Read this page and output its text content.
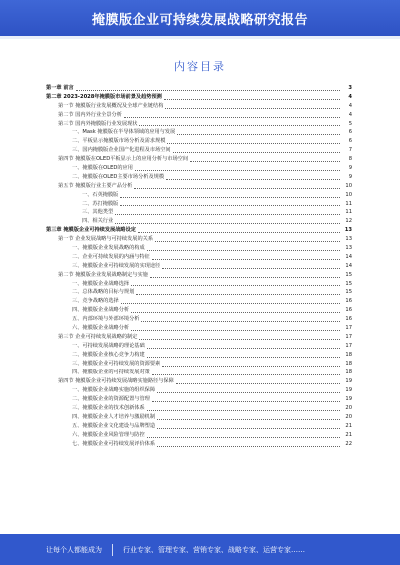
掩膜版企业可持续发展战略研究报告
内容目录
第一章 前言	3
第二章 2023-2028年掩膜版市场前景及趋势预测	4
第一节 掩膜版行业发展概况及全球产业链结构	4
第二节 国内外行业全景分析	4
第三节 国内外掩膜版行业发展现状	5
一、Mask 掩膜版在半导体领域的应用与发展	6
二、平板显示掩膜版市场分析及需求规模	6
三、国内掩膜版企业国产化进程及市场空间	7
第四节 掩膜版在OLED平板显示上的应用分析与市场空间	8
一、掩膜版在OLED的应用	9
二、掩膜版在OLED主要市场分析及规模	9
第五节 掩膜版行业主要产品分析	10
一、石英掩膜版	10
二、苏打掩膜版	11
三、其他类型	11
四、相关行业	12
第三章 掩膜版企业可持续发展战略设定	13
第一节 企业发展战略与可持续发展的关系	13
一、掩膜版企业发展战略的构成	13
二、企业可持续发展的内涵与特征	14
三、掩膜版企业可持续发展的实现途径	14
第二节 掩膜版企业发展战略制定与实施	15
一、掩膜版企业战略选择	15
二、总体战略的目标与规划	15
三、竞争战略的选择	16
四、掩膜版企业战略分析	16
五、内部环境与外部环境分析	16
六、掩膜版企业战略分析	17
第三节 企业可持续发展战略的制定	17
一、可持续发展战略的理论基础	17
二、掩膜版企业核心竞争力构建	18
三、掩膜版企业可持续发展的资源要素	18
四、掩膜版企业的可持续发展对策	18
第四节 掩膜版企业可持续发展战略实施路径与保障	19
一、掩膜版企业战略实施的组织保障	19
二、掩膜版企业的资源配置与管理	19
三、掩膜版企业的技术创新体系	20
四、掩膜版企业人才培养与激励机制	20
五、掩膜版企业文化建设与品牌塑造	21
六、掩膜版企业风险管理与防控	21
七、掩膜版企业可持续发展评价体系	22
让每个人都能成为	行业专家、管理专家、营销专家、战略专家、运营专家……
